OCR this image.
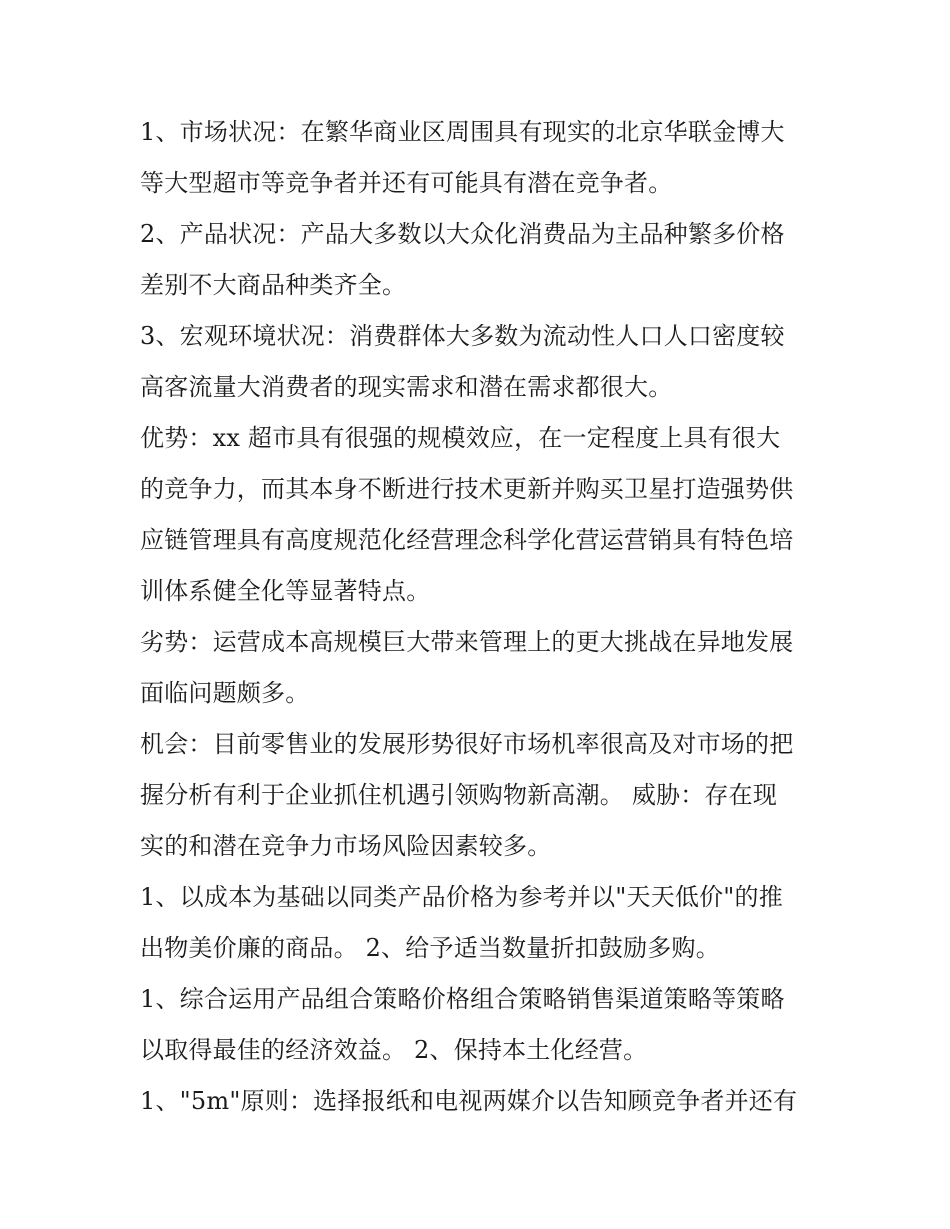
1、市场状况：在繁华商业区周围具有现实的北京华联金博大
等大型超市等竞争者并还有可能具有潜在竞争者。
2、产品状况：产品大多数以大众化消费品为主品种繁多价格
差别不大商品种类齐全。
3、宏观环境状况：消费群体大多数为流动性人口人口密度较
高客流量大消费者的现实需求和潜在需求都很大。
优势：xx 超市具有很强的规模效应，在一定程度上具有很大
的竞争力，而其本身不断进行技术更新并购买卫星打造强势供
应链管理具有高度规范化经营理念科学化营运营销具有特色培
训体系健全化等显著特点。
劣势：运营成本高规模巨大带来管理上的更大挑战在异地发展
面临问题颇多。
机会：目前零售业的发展形势很好市场机率很高及对市场的把
握分析有利于企业抓住机遇引领购物新高潮。 威胁：存在现
实的和潜在竞争力市场风险因素较多。
1、以成本为基础以同类产品价格为参考并以"天天低价"的推
出物美价廉的商品。 2、给予适当数量折扣鼓励多购。
1、综合运用产品组合策略价格组合策略销售渠道策略等策略
以取得最佳的经济效益。 2、保持本土化经营。
1、"5m"原则：选择报纸和电视两媒介以告知顾竞争者并还有
